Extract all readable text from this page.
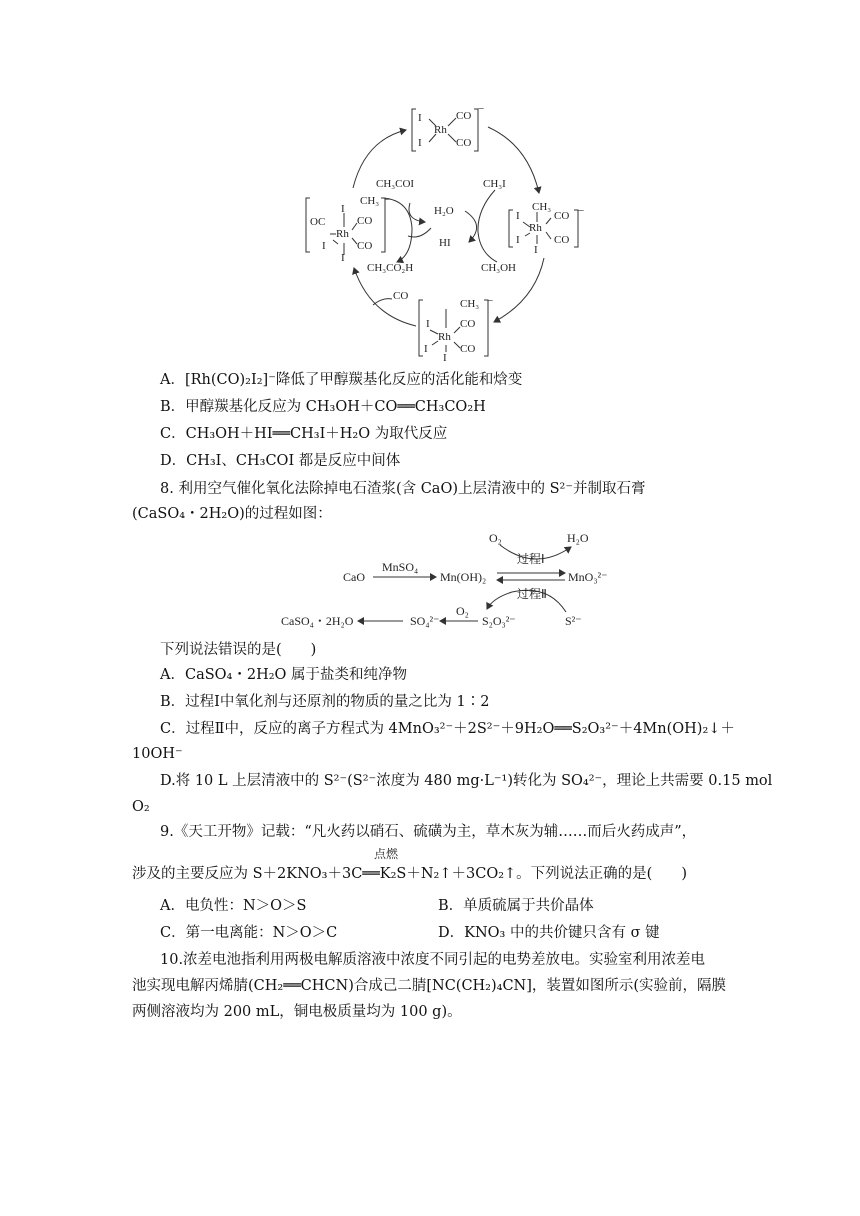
I
I
Rh
CO
CO
−
OC
I
CH₃
CO
Rh
CO
I
I
−
I
CH₃
CO
Rh
CO
I
I
−
I
CH₃
CO
Rh
CO
I
I
−
CH₃COI	CH₃I
H₂O
HI
CH₃CO₂H	CH₃OH
CO
A．[Rh(CO)₂I₂]⁻降低了甲醇羰基化反应的活化能和焓变
B．甲醇羰基化反应为 CH₃OH＋CO══CH₃CO₂H
C．CH₃OH＋HI══CH₃I＋H₂O 为取代反应
D．CH₃I、CH₃COI 都是反应中间体
8. 利用空气催化氧化法除掉电石渣浆(含 CaO)上层清液中的 S²⁻并制取石膏
(CaSO₄・2H₂O)的过程如图：
O₂	H₂O
过程Ⅰ
CaO
MnSO₄
Mn(OH)₂	MnO₃²⁻
过程Ⅱ
O₂
CaSO₄・2H₂O	SO₄²⁻	S₂O₃²⁻	S²⁻
下列说法错误的是(　　)
A．CaSO₄・2H₂O 属于盐类和纯净物
B．过程Ⅰ中氧化剂与还原剂的物质的量之比为 1∶2
C．过程Ⅱ中，反应的离子方程式为 4MnO₃²⁻＋2S²⁻＋9H₂O══S₂O₃²⁻＋4Mn(OH)₂↓＋
10OH⁻
D.将 10 L 上层清液中的 S²⁻(S²⁻浓度为 480 mg·L⁻¹)转化为 SO₄²⁻，理论上共需要 0.15 mol
O₂
9.《天工开物》记载：“凡火药以硝石、硫磺为主，草木灰为辅……而后火药成声”，
点燃
涉及的主要反应为 S＋2KNO₃＋3C══K₂S＋N₂↑＋3CO₂↑。下列说法正确的是(　　)
A．电负性：N＞O＞S	B．单质硫属于共价晶体
C．第一电离能：N＞O＞C	D．KNO₃ 中的共价键只含有 σ 键
10.浓差电池指利用两极电解质溶液中浓度不同引起的电势差放电。实验室利用浓差电
池实现电解丙烯腈(CH₂══CHCN)合成己二腈[NC(CH₂)₄CN]，装置如图所示(实验前，隔膜
两侧溶液均为 200 mL，铜电极质量均为 100 g)。
